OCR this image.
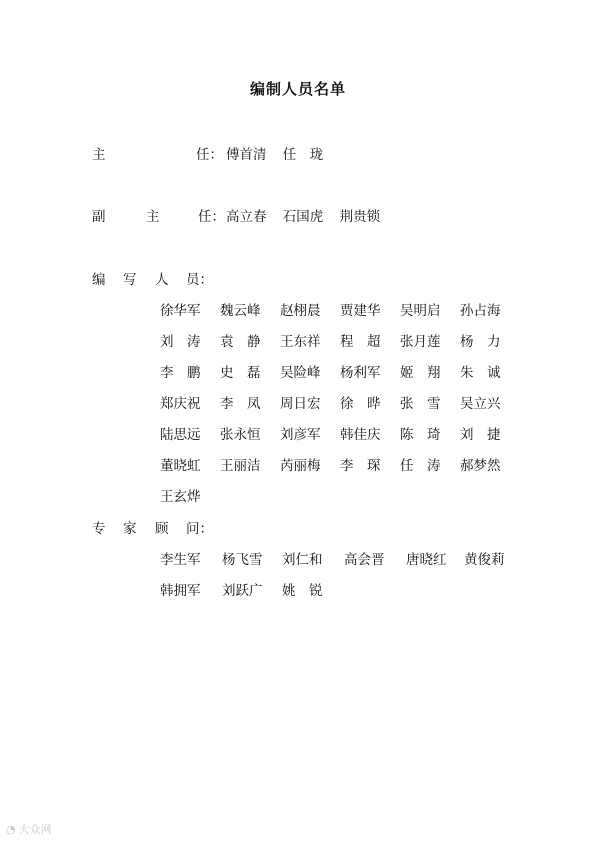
编制人员名单
主	任： 傅首清 任　珑
副	主	任： 高立春 石国虎 荆贵锁
编 写 人 员：
徐华军	魏云峰	赵栩晨	贾建华	吴明启	孙占海
刘　涛	袁　静	王东祥	程　超	张月莲	杨　力
李　鹏	史　磊	吴险峰	杨利军	姬　翔	朱　诚
郑庆祝	李　凤	周日宏	徐　晔	张　雪	吴立兴
陆思远	张永恒	刘彦军	韩佳庆	陈　琦	刘　捷
董晓虹	王丽洁	芮丽梅	李　琛	任　涛	郝梦然
王玄烨
专 家 顾 问：
李生军	杨飞雪	刘仁和	高会晋	唐晓红	黄俊莉
韩拥军	刘跃广	姚　锐
◔ 大众网
